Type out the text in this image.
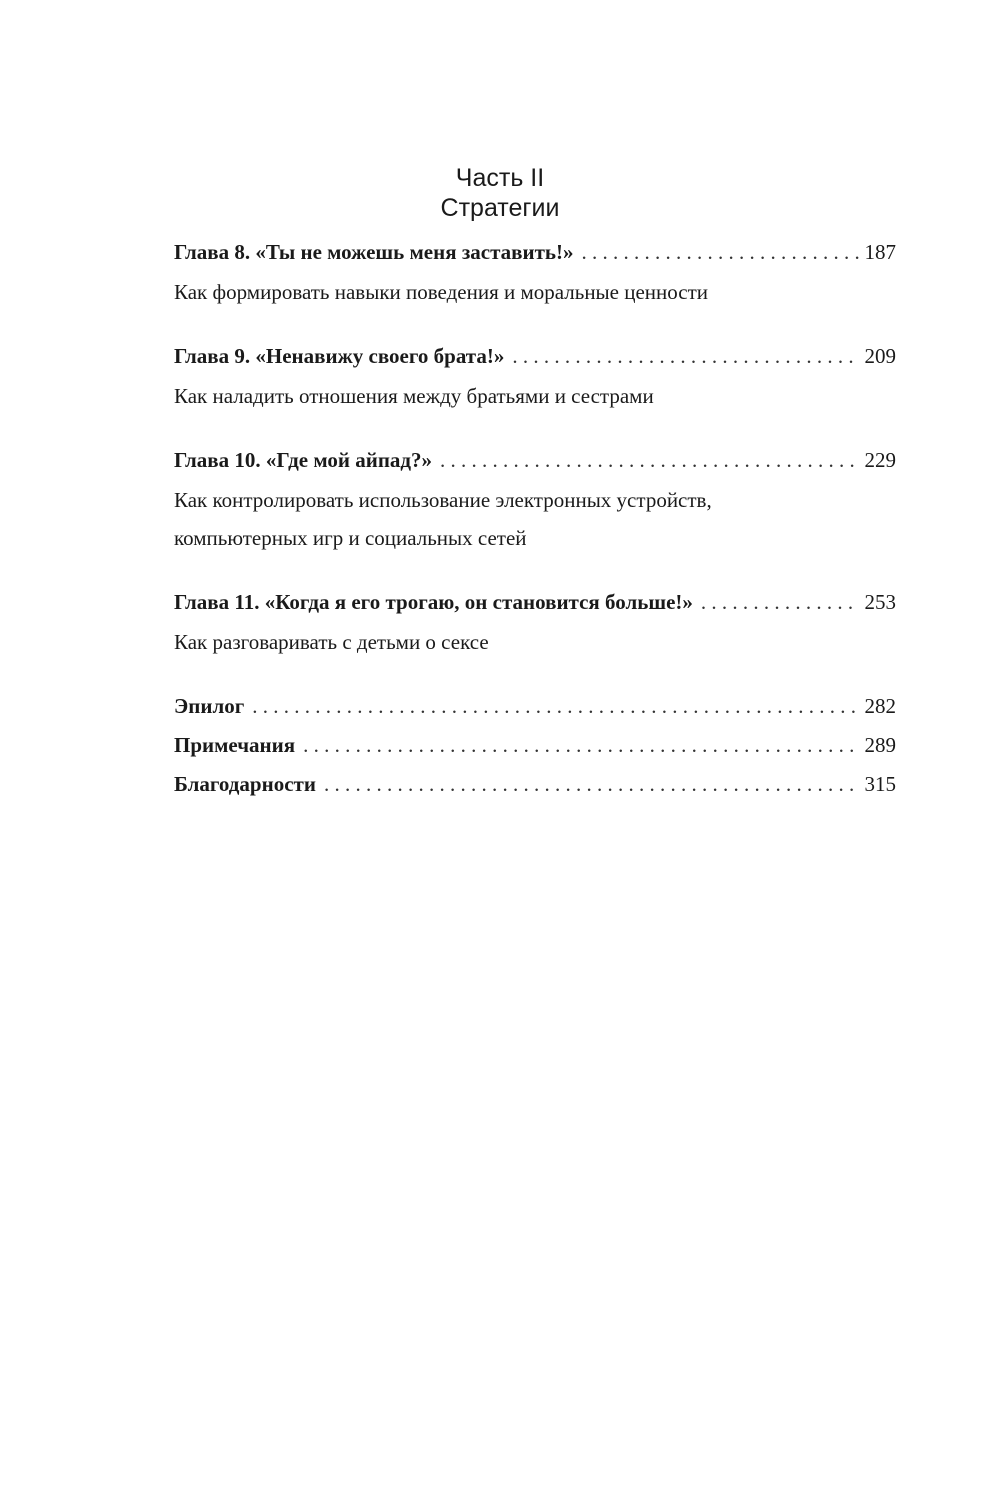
Часть II
Стратегии
Глава 8. «Ты не можешь меня заставить!» . . .	187
Как формировать навыки поведения и моральные ценности
Глава 9. «Ненавижу своего брата!» . . .	209
Как наладить отношения между братьями и сестрами
Глава 10. «Где мой айпад?» . . .	229
Как контролировать использование электронных устройств,
компьютерных игр и социальных сетей
Глава 11. «Когда я его трогаю, он становится больше!» . . .	253
Как разговаривать с детьми о сексе
Эпилог . . .	282
Примечания . . .	289
Благодарности . . .	315
